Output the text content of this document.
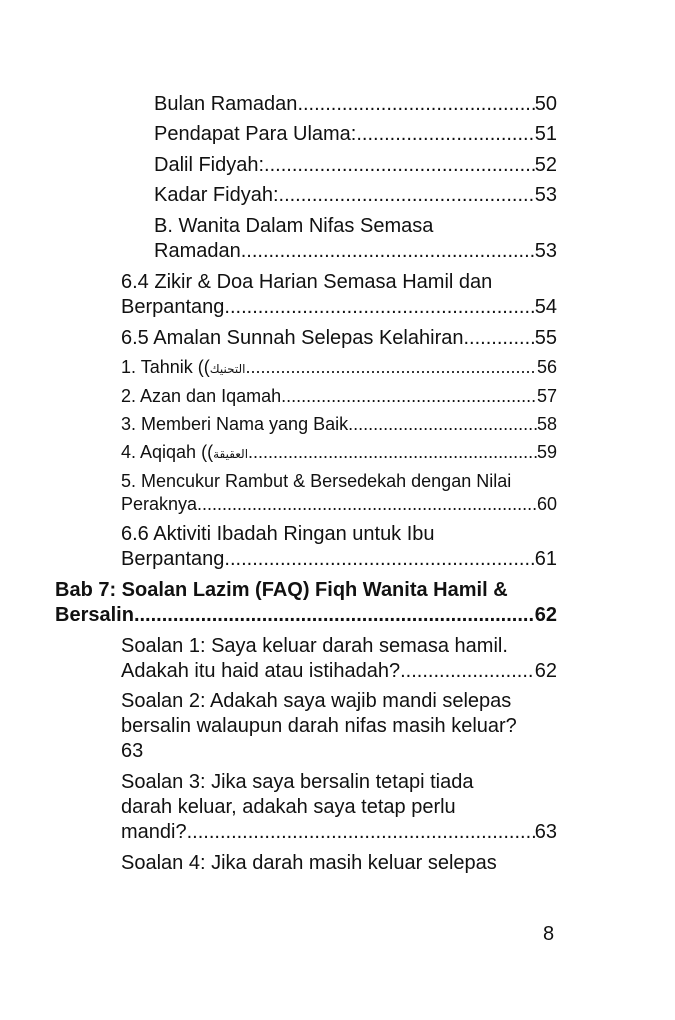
Bulan Ramadan .....	50
Pendapat Para Ulama: .....	51
Dalil Fidyah: .....	52
Kadar Fidyah: .....	53
B. Wanita Dalam Nifas Semasa
Ramadan .....	53
6.4 Zikir & Doa Harian Semasa Hamil dan
Berpantang .....	54
6.5 Amalan Sunnah Selepas Kelahiran .....	55
1. Tahnik (( التحنيك .....	56
2. Azan dan Iqamah .....	57
3. Memberi Nama yang Baik .....	58
4. Aqiqah (( العقيقة .....	59
5. Mencukur Rambut & Bersedekah dengan Nilai
Peraknya .....	60
6.6 Aktiviti Ibadah Ringan untuk Ibu
Berpantang .....	61
Bab 7: Soalan Lazim (FAQ) Fiqh Wanita Hamil &
Bersalin .....	62
Soalan 1: Saya keluar darah semasa hamil.
Adakah itu haid atau istihadah? .....	62
Soalan 2: Adakah saya wajib mandi selepas
bersalin walaupun darah nifas masih keluar?
63
Soalan 3: Jika saya bersalin tetapi tiada
darah keluar, adakah saya tetap perlu
mandi? .....	63
Soalan 4: Jika darah masih keluar selepas
8
